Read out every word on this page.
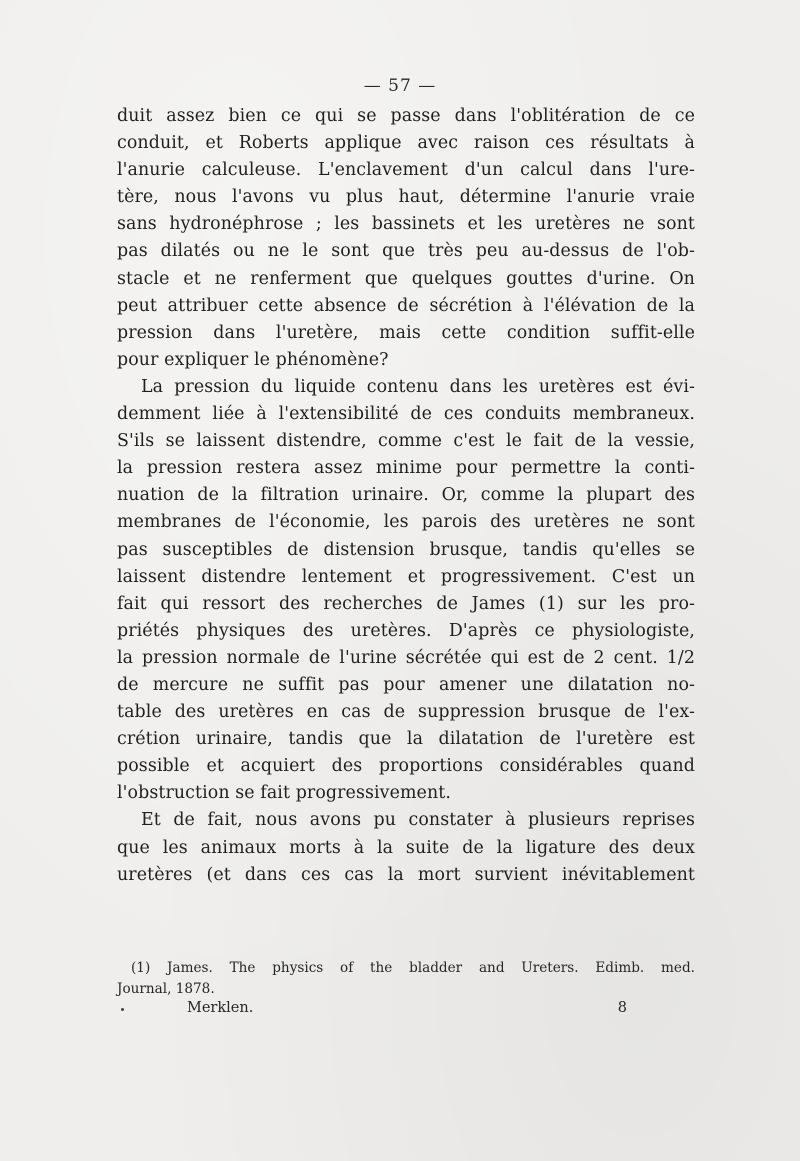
— 57 —
duit assez bien ce qui se passe dans l'oblitération de ce
conduit, et Roberts applique avec raison ces résultats à
l'anurie calculeuse. L'enclavement d'un calcul dans l'ure-
tère, nous l'avons vu plus haut, détermine l'anurie vraie
sans hydronéphrose ; les bassinets et les uretères ne sont
pas dilatés ou ne le sont que très peu au-dessus de l'ob-
stacle et ne renferment que quelques gouttes d'urine. On
peut attribuer cette absence de sécrétion à l'élévation de la
pression dans l'uretère, mais cette condition suffit-elle
pour expliquer le phénomène?
La pression du liquide contenu dans les uretères est évi-
demment liée à l'extensibilité de ces conduits membraneux.
S'ils se laissent distendre, comme c'est le fait de la vessie,
la pression restera assez minime pour permettre la conti-
nuation de la filtration urinaire. Or, comme la plupart des
membranes de l'économie, les parois des uretères ne sont
pas susceptibles de distension brusque, tandis qu'elles se
laissent distendre lentement et progressivement. C'est un
fait qui ressort des recherches de James (1) sur les pro-
priétés physiques des uretères. D'après ce physiologiste,
la pression normale de l'urine sécrétée qui est de 2 cent. 1/2
de mercure ne suffit pas pour amener une dilatation no-
table des uretères en cas de suppression brusque de l'ex-
crétion urinaire, tandis que la dilatation de l'uretère est
possible et acquiert des proportions considérables quand
l'obstruction se fait progressivement.
Et de fait, nous avons pu constater à plusieurs reprises
que les animaux morts à la suite de la ligature des deux
uretères (et dans ces cas la mort survient inévitablement
(1) James. The physics of the bladder and Ureters. Edimb. med.
Journal, 1878.
Merklen.	8
